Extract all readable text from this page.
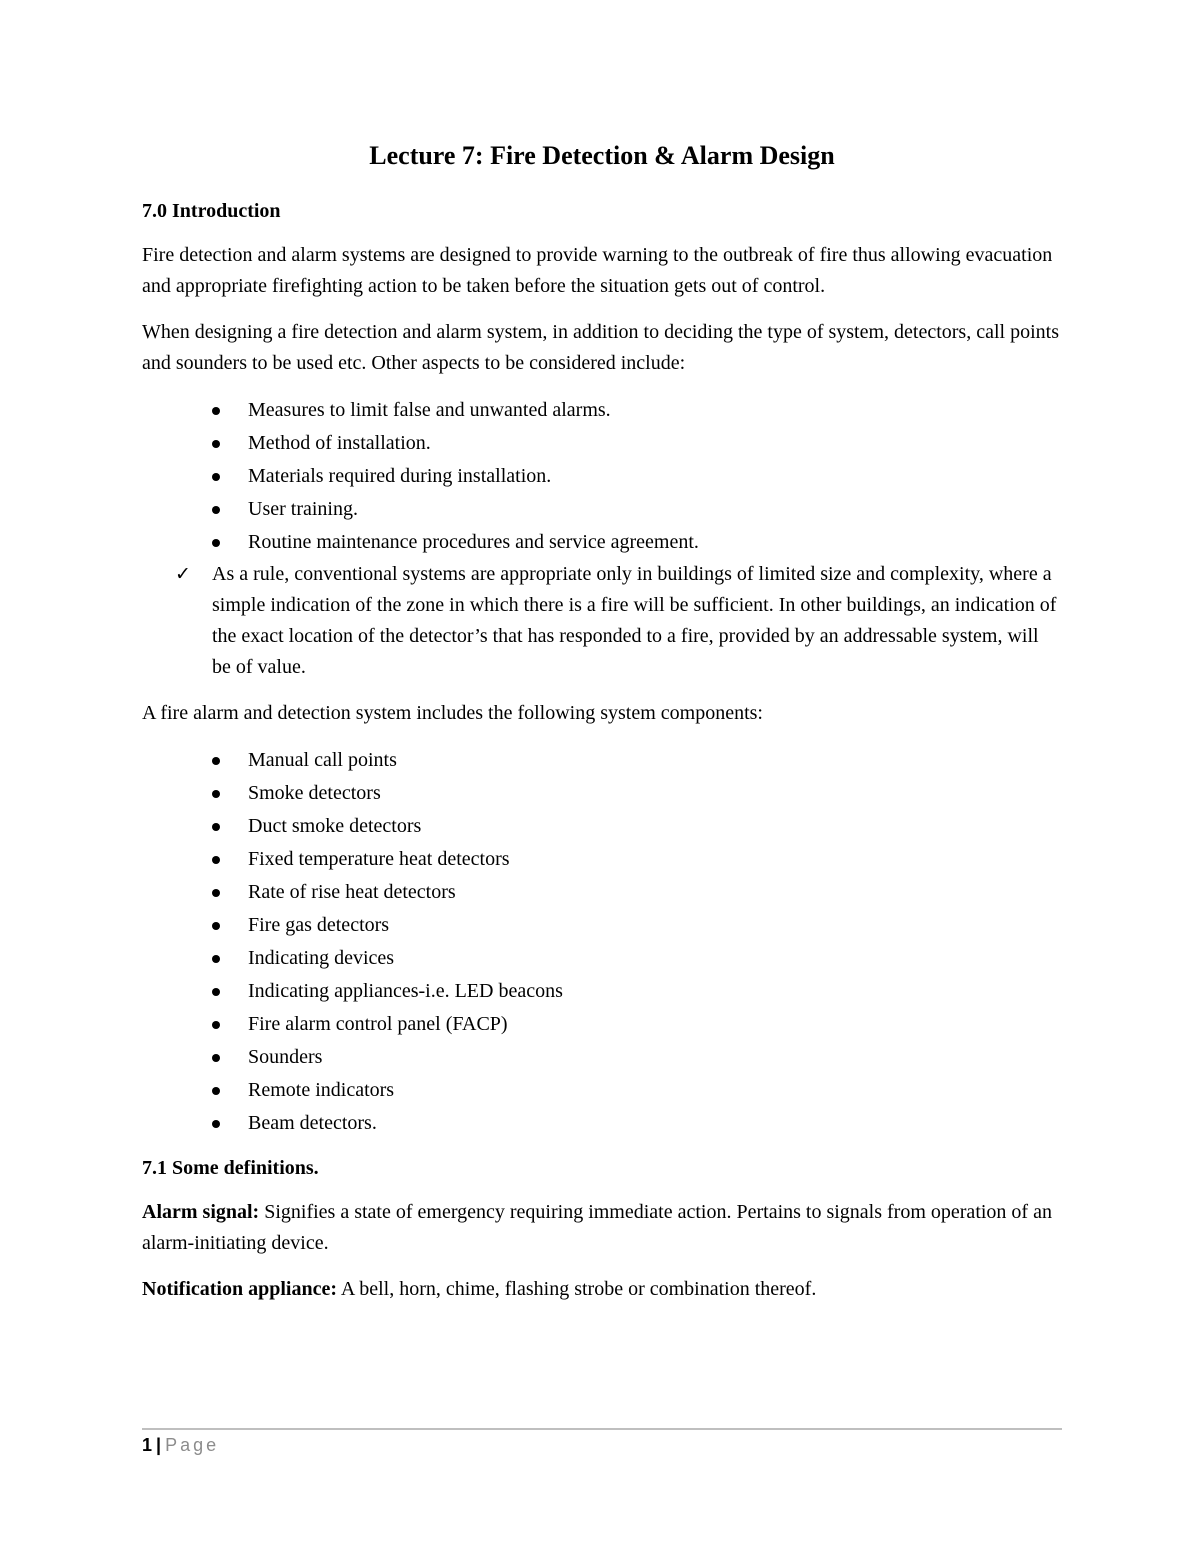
Lecture 7: Fire Detection & Alarm Design
7.0 Introduction

Fire detection and alarm systems are designed to provide warning to the outbreak of fire thus allowing evacuation and appropriate firefighting action to be taken before the situation gets out of control.

When designing a fire detection and alarm system, in addition to deciding the type of system, detectors, call points and sounders to be used etc. Other aspects to be considered include:

Measures to limit false and unwanted alarms.
Method of installation.
Materials required during installation.
User training.
Routine maintenance procedures and service agreement.
✓ As a rule, conventional systems are appropriate only in buildings of limited size and complexity, where a simple indication of the zone in which there is a fire will be sufficient. In other buildings, an indication of the exact location of the detector’s that has responded to a fire, provided by an addressable system, will be of value.

A fire alarm and detection system includes the following system components:

Manual call points
Smoke detectors
Duct smoke detectors
Fixed temperature heat detectors
Rate of rise heat detectors
Fire gas detectors
Indicating devices
Indicating appliances-i.e. LED beacons
Fire alarm control panel (FACP)
Sounders
Remote indicators
Beam detectors.
7.1 Some definitions.

Alarm signal: Signifies a state of emergency requiring immediate action. Pertains to signals from operation of an alarm-initiating device.

Notification appliance: A bell, horn, chime, flashing strobe or combination thereof.

1 | Page
